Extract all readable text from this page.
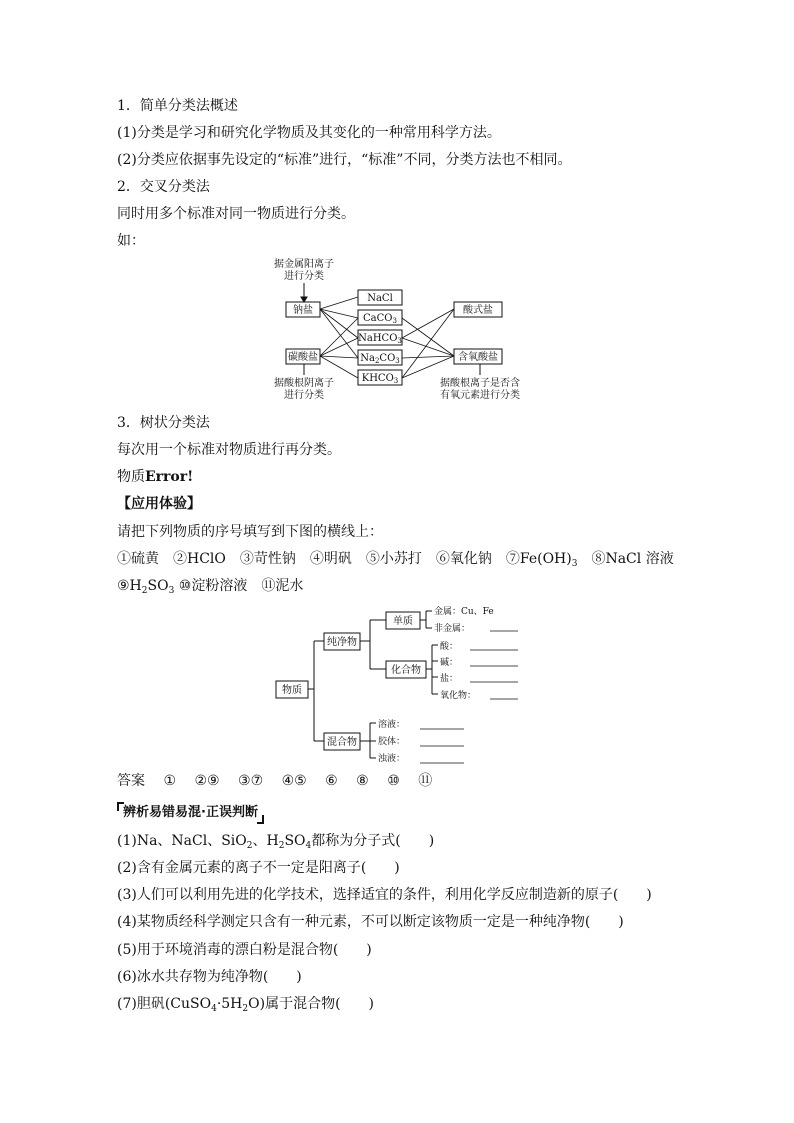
1．简单分类法概述
(1)分类是学习和研究化学物质及其变化的一种常用科学方法。
(2)分类应依据事先设定的“标准”进行，“标准”不同，分类方法也不相同。
2．交叉分类法
同时用多个标准对同一物质进行分类。
如：
据金属阳离子
进行分类
据酸根阴离子
进行分类
据酸根离子是否含
有氧元素进行分类
钠盐
碳酸盐
酸式盐
含氧酸盐
NaCl
CaCO$_3$
NaHCO$_3$
$Na_2CO_3$
$KHCO_3$
3．树状分类法
每次用一个标准对物质进行再分类。
物质Error!
【应用体验】
请把下列物质的序号填写到下图的横线上：
①硫黄　②HClO　③苛性钠　④明矾　⑤小苏打　⑥氧化钠　$⑦Fe(OH)_3$　⑧NaCl 溶液
$⑨H_2SO_3$ ⑩淀粉溶液　⑪泥水
物质
纯净物
混合物
单质
化合物
金属：Cu、Fe
非金属：
酸：
碱：
盐：
氧化物：
溶液：
胶体：
浊液：
答案 ① ②⑨ ③⑦ ④⑤ ⑥ ⑧ ⑩ ⑪
辨析易错易混·正误判断
(1)Na、NaCl、SiO$_2$、$H_2SO_4$都称为分子式(　　)
(2)含有金属元素的离子不一定是阳离子(　　)
(3)人们可以利用先进的化学技术，选择适宜的条件，利用化学反应制造新的原子(　　)
(4)某物质经科学测定只含有一种元素，不可以断定该物质一定是一种纯净物(　　)
(5)用于环境消毒的漂白粉是混合物(　　)
(6)冰水共存物为纯净物(　　)
(7)胆矾$(CuSO_4\cdot 5H_2O)$属于混合物(　　)
